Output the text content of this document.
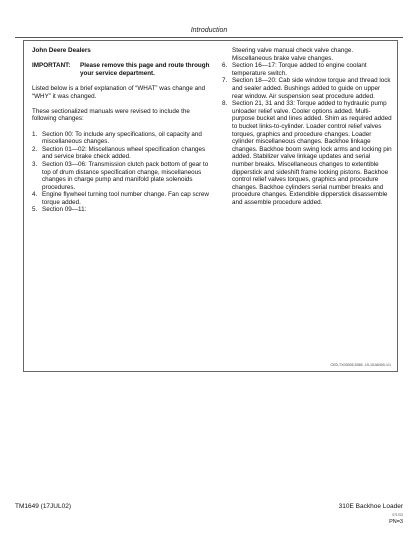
Introduction
John Deere Dealers
IMPORTANT:	Please remove this page and route through your service department.
Listed below is a brief explanation of “WHAT” was change and “WHY” it was changed.
These sectionalized manuals were revised to include the following changes:
1. Section 00: To include any specifications, oil capacity and miscellaneous changes.
2. Section 01—02: Miscellanous wheel specification changes and service brake check added.
3. Section 03—06: Transmission clutch pack bottom of gear to top of drum distance specification change, miscellaneous changes in charge pump and manifold plate solenoids procedures.
4. Engine flywheel turning tool number change. Fan cap screw torque added.
5. Section 09—11:
Steering valve manual check valve change. Miscellaneous brake valve changes.
6. Section 16—17: Torque added to engine coolant temperature switch.
7. Section 18—20: Cab side window torque and thread lock and sealer added. Bushings added to guide on upper rear window. Air suspension seat procedure added.
8. Section 21, 31 and 33: Torque added to hydraulic pump unloader relief valve. Cooler options added. Multi-purpose bucket and lines added. Shim as required added to bucket links-to-cylinder. Loader control relief valves torques, graphics and procedure changes. Loader cylinder miscellaneous changes. Backhoe linkage changes. Backhoe boom swing lock arms and locking pin added. Stabilizer valve linkage updates and serial number breaks. Miscellaneous changes to extentible dipperstick and sideshift frame locking pistons. Backhoe control relief valves torques, graphics and procedure changes. Backhoe cylinders serial number breaks and procedure changes. Extendible dipperstick disassemble and assemble procedure added.
CED,TX03005,5365 -19-15JAN00-1/1
TM1649 (17JUL02)	310E Backhoe Loader
071702
PN=3
